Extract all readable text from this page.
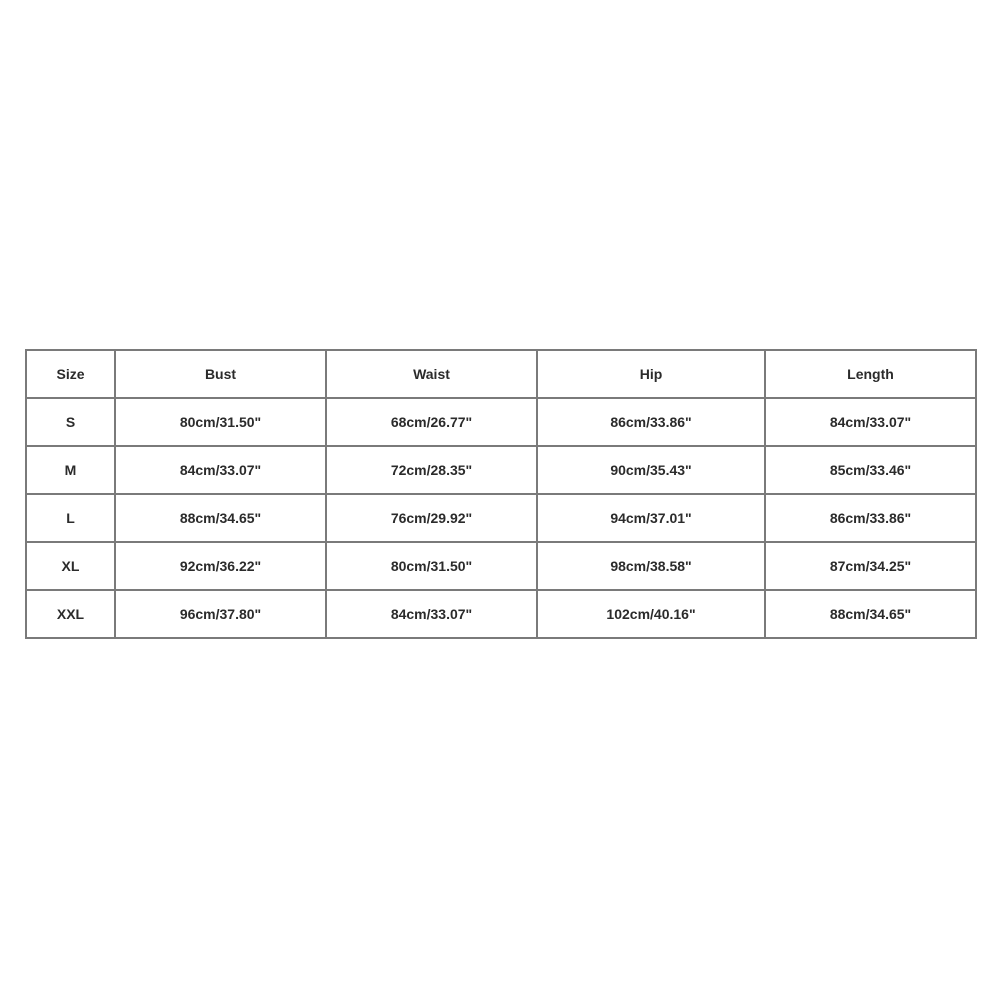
Size	Bust	Waist	Hip	Length
S	80cm/31.50"	68cm/26.77"	86cm/33.86"	84cm/33.07"
M	84cm/33.07"	72cm/28.35"	90cm/35.43"	85cm/33.46"
L	88cm/34.65"	76cm/29.92"	94cm/37.01"	86cm/33.86"
XL	92cm/36.22"	80cm/31.50"	98cm/38.58"	87cm/34.25"
XXL	96cm/37.80"	84cm/33.07"	102cm/40.16"	88cm/34.65"
